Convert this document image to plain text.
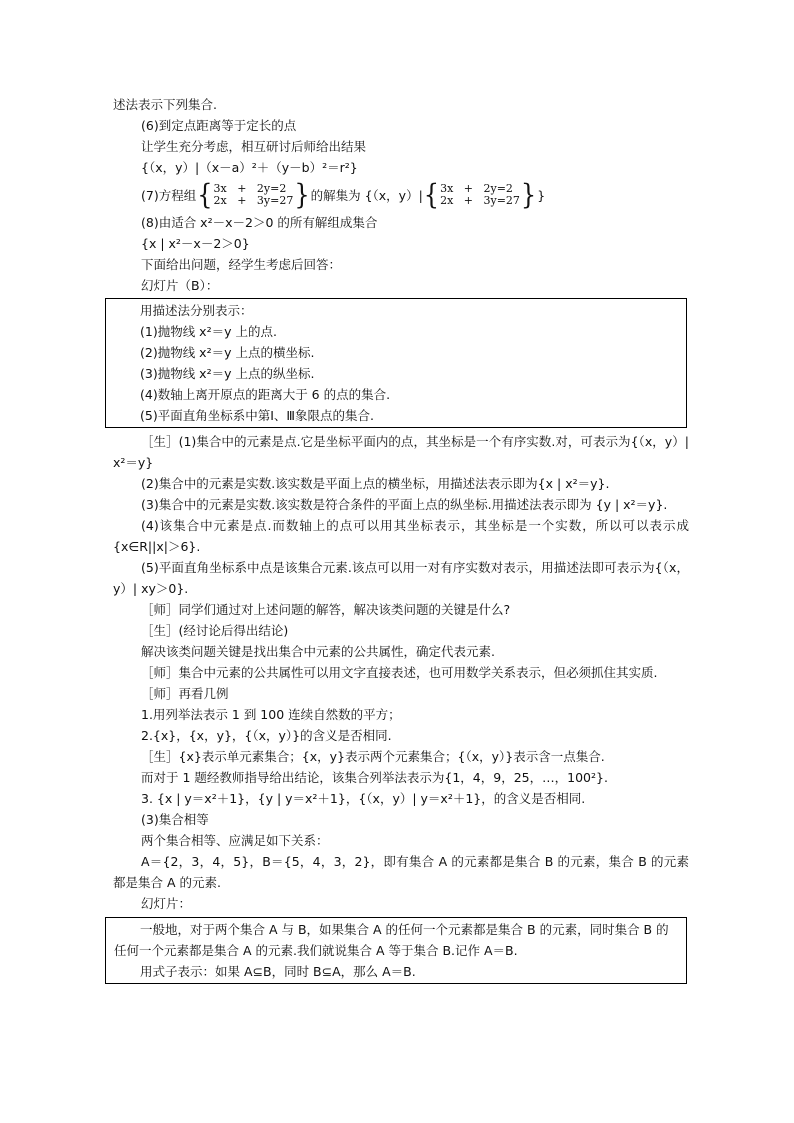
述法表示下列集合.

(6)到定点距离等于定长的点

让学生充分考虑，相互研讨后师给出结果

{（x，y）|（x－a）²＋（y－b）²＝r²}

(7)方程组 { 3x   +   2y=2
2x   +   3y=27 } 的解集为 {（x，y）| { 3x   +   2y=2
2x   +   3y=27 } }

(8)由适合 x²－x－2＞0 的所有解组成集合

{x | x²－x－2＞0}

下面给出问题，经学生考虑后回答：

幻灯片（B）：

用描述法分别表示：

(1)抛物线 x²＝y 上的点.

(2)抛物线 x²＝y 上点的横坐标.

(3)抛物线 x²＝y 上点的纵坐标.

(4)数轴上离开原点的距离大于 6 的点的集合.

(5)平面直角坐标系中第Ⅰ、Ⅲ象限点的集合.

［生］(1)集合中的元素是点.它是坐标平面内的点，其坐标是一个有序实数.对，可表示为{（x，y）| x²＝y}

(2)集合中的元素是实数.该实数是平面上点的横坐标，用描述法表示即为{x | x²＝y}.

(3)集合中的元素是实数.该实数是符合条件的平面上点的纵坐标.用描述法表示即为 {y | x²＝y}.

(4)该集合中元素是点.而数轴上的点可以用其坐标表示，其坐标是一个实数，所以可以表示成{x∈R||x|＞6}.

(5)平面直角坐标系中点是该集合元素.该点可以用一对有序实数对表示，用描述法即可表示为{（x，y）| xy＞0}.

［师］同学们通过对上述问题的解答，解决该类问题的关键是什么?

［生］(经讨论后得出结论)

解决该类问题关键是找出集合中元素的公共属性，确定代表元素.

［师］集合中元素的公共属性可以用文字直接表述，也可用数学关系表示，但必须抓住其实质.

［师］再看几例

1.用列举法表示 1 到 100 连续自然数的平方；

2.{x}，{x，y}，{（x，y）}的含义是否相同.

［生］{x}表示单元素集合；{x，y}表示两个元素集合；{（x，y）}表示含一点集合.

而对于 1 题经教师指导给出结论，该集合列举法表示为{1，4，9，25，…，100²}.

3. {x | y＝x²＋1}，{y | y＝x²＋1}，{（x，y）| y＝x²＋1}，的含义是否相同.

(3)集合相等

两个集合相等、应满足如下关系：

A＝{2，3，4，5}，B＝{5，4，3，2}，即有集合 A 的元素都是集合 B 的元素，集合 B 的元素都是集合 A 的元素.

幻灯片：

一般地，对于两个集合 A 与 B，如果集合 A 的任何一个元素都是集合 B 的元素，同时集合 B 的任何一个元素都是集合 A 的元素.我们就说集合 A 等于集合 B.记作 A＝B.

用式子表示：如果 A⊆B，同时 B⊆A，那么 A＝B.
